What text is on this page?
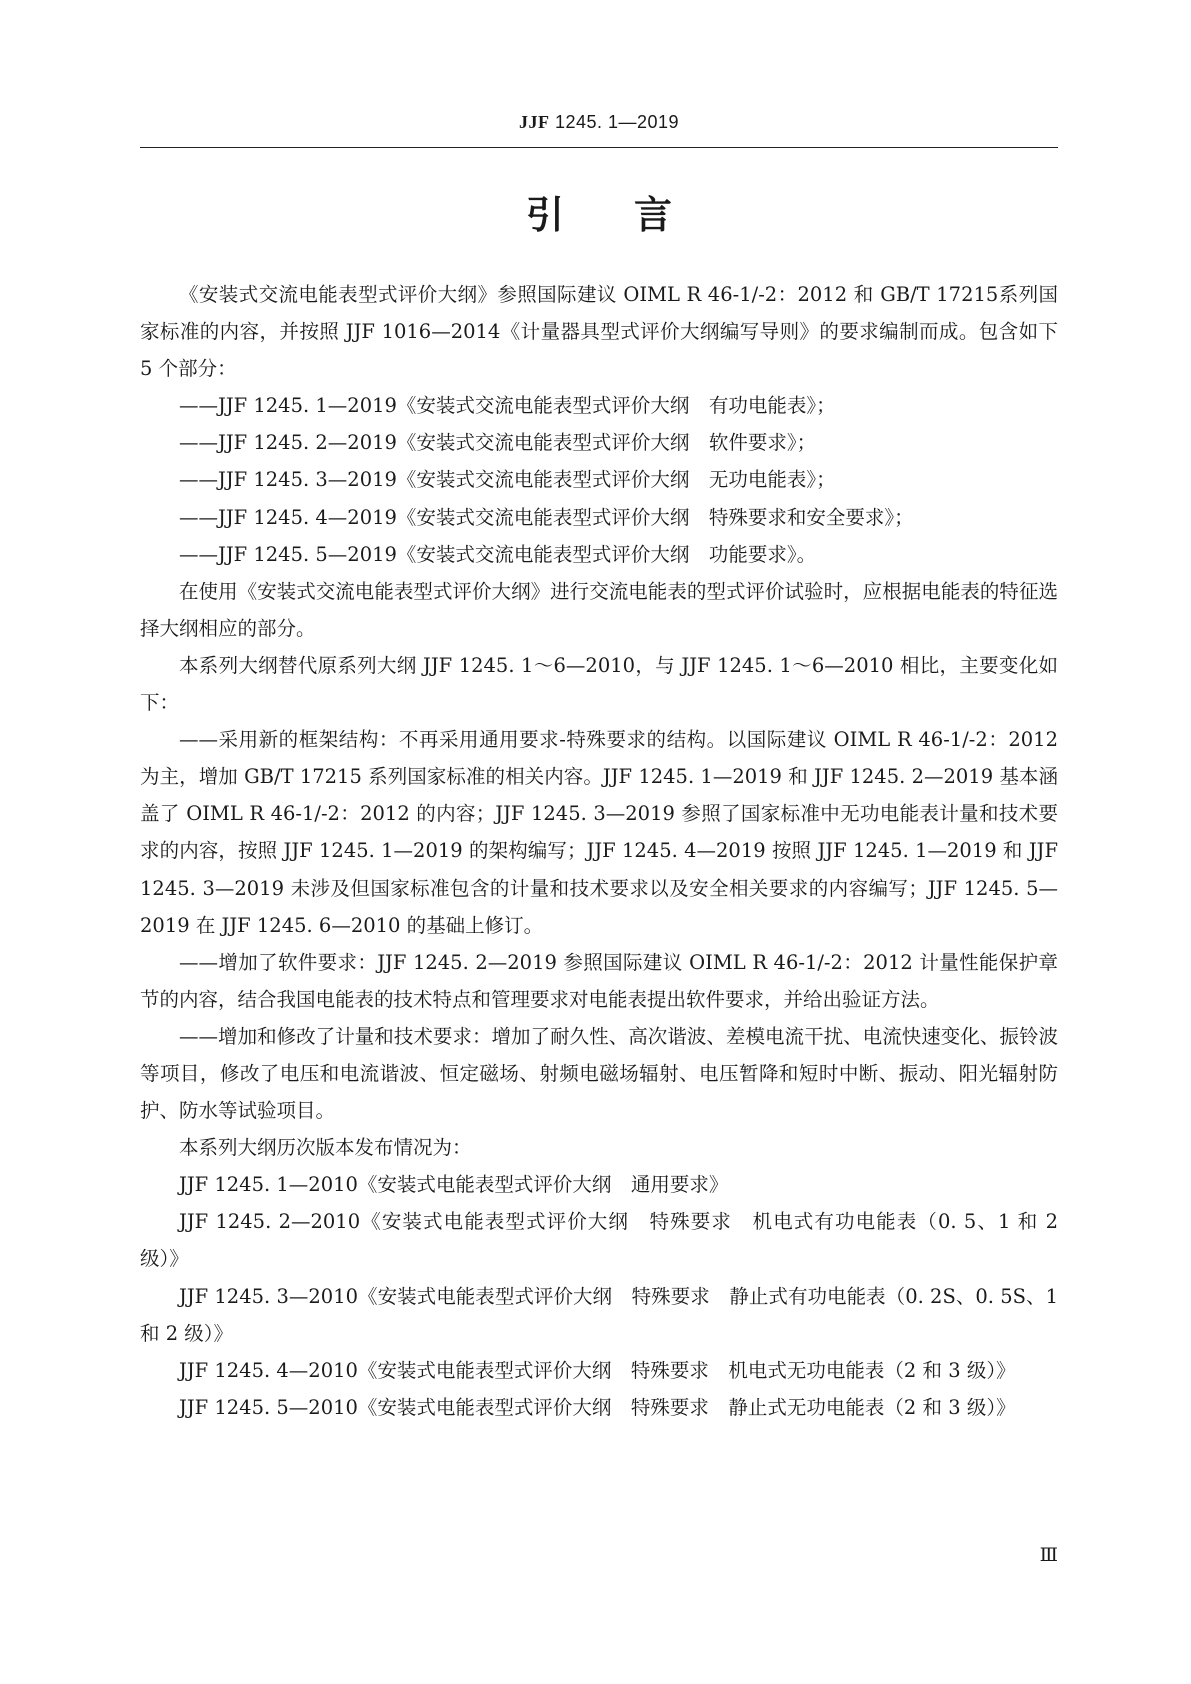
JJF 1245. 1—2019
引 言

《安装式交流电能表型式评价大纲》参照国际建议 OIML R 46-1/-2：2012 和 GB/T 17215系列国家标准的内容，并按照 JJF 1016—2014《计量器具型式评价大纲编写导则》的要求编制而成。包含如下 5 个部分：

——JJF 1245. 1—2019《安装式交流电能表型式评价大纲　有功电能表》；

——JJF 1245. 2—2019《安装式交流电能表型式评价大纲　软件要求》；

——JJF 1245. 3—2019《安装式交流电能表型式评价大纲　无功电能表》；

——JJF 1245. 4—2019《安装式交流电能表型式评价大纲　特殊要求和安全要求》；

——JJF 1245. 5—2019《安装式交流电能表型式评价大纲　功能要求》。

在使用《安装式交流电能表型式评价大纲》进行交流电能表的型式评价试验时，应根据电能表的特征选择大纲相应的部分。

本系列大纲替代原系列大纲 JJF 1245. 1～6—2010，与 JJF 1245. 1～6—2010 相比，主要变化如下：

——采用新的框架结构：不再采用通用要求-特殊要求的结构。以国际建议 OIML R 46-1/-2：2012 为主，增加 GB/T 17215 系列国家标准的相关内容。JJF 1245. 1—2019 和 JJF 1245. 2—2019 基本涵盖了 OIML R 46-1/-2：2012 的内容；JJF 1245. 3—2019 参照了国家标准中无功电能表计量和技术要求的内容，按照 JJF 1245. 1—2019 的架构编写；JJF 1245. 4—2019 按照 JJF 1245. 1—2019 和 JJF 1245. 3—2019 未涉及但国家标准包含的计量和技术要求以及安全相关要求的内容编写；JJF 1245. 5—2019 在 JJF 1245. 6—2010 的基础上修订。

——增加了软件要求：JJF 1245. 2—2019 参照国际建议 OIML R 46-1/-2：2012 计量性能保护章节的内容，结合我国电能表的技术特点和管理要求对电能表提出软件要求，并给出验证方法。

——增加和修改了计量和技术要求：增加了耐久性、高次谐波、差模电流干扰、电流快速变化、振铃波等项目，修改了电压和电流谐波、恒定磁场、射频电磁场辐射、电压暂降和短时中断、振动、阳光辐射防护、防水等试验项目。

本系列大纲历次版本发布情况为：

JJF 1245. 1—2010《安装式电能表型式评价大纲　通用要求》

JJF 1245. 2—2010《安装式电能表型式评价大纲　特殊要求　机电式有功电能表（0. 5、1 和 2 级）》

JJF 1245. 3—2010《安装式电能表型式评价大纲　特殊要求　静止式有功电能表（0. 2S、0. 5S、1 和 2 级）》

JJF 1245. 4—2010《安装式电能表型式评价大纲　特殊要求　机电式无功电能表（2 和 3 级）》

JJF 1245. 5—2010《安装式电能表型式评价大纲　特殊要求　静止式无功电能表（2 和 3 级）》

Ⅲ
